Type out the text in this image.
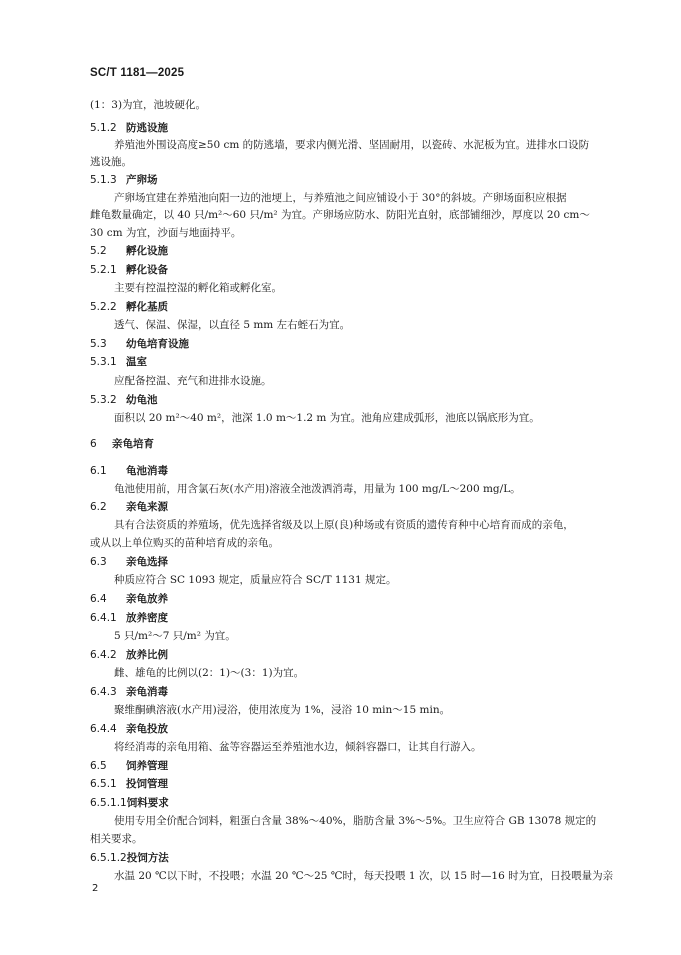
SC/T 1181—2025
(1：3)为宜，池坡硬化。
5.1.2 防逃设施
养殖池外围设高度≥50 cm 的防逃墙，要求内侧光滑、坚固耐用，以瓷砖、水泥板为宜。进排水口设防
逃设施。
5.1.3 产卵场
产卵场宜建在养殖池向阳一边的池埂上，与养殖池之间应铺设小于 30°的斜坡。产卵场面积应根据
雌龟数量确定，以 40 只/m²～60 只/m² 为宜。产卵场应防水、防阳光直射，底部铺细沙，厚度以 20 cm～
30 cm 为宜，沙面与地面持平。
5.2 孵化设施
5.2.1 孵化设备
主要有控温控湿的孵化箱或孵化室。
5.2.2 孵化基质
透气、保温、保湿，以直径 5 mm 左右蛭石为宜。
5.3 幼龟培育设施
5.3.1 温室
应配备控温、充气和进排水设施。
5.3.2 幼龟池
面积以 20 m²～40 m²，池深 1.0 m～1.2 m 为宜。池角应建成弧形，池底以锅底形为宜。
6 亲龟培育
6.1 龟池消毒
龟池使用前，用含氯石灰(水产用)溶液全池泼洒消毒，用量为 100 mg/L～200 mg/L。
6.2 亲龟来源
具有合法资质的养殖场，优先选择省级及以上原(良)种场或有资质的遗传育种中心培育而成的亲龟，
或从以上单位购买的苗种培育成的亲龟。
6.3 亲龟选择
种质应符合 SC 1093 规定，质量应符合 SC/T 1131 规定。
6.4 亲龟放养
6.4.1 放养密度
5 只/m²～7 只/m² 为宜。
6.4.2 放养比例
雌、雄龟的比例以(2：1)～(3：1)为宜。
6.4.3 亲龟消毒
聚维酮碘溶液(水产用)浸浴，使用浓度为 1%，浸浴 10 min～15 min。
6.4.4 亲龟投放
将经消毒的亲龟用箱、盆等容器运至养殖池水边，倾斜容器口，让其自行游入。
6.5 饲养管理
6.5.1 投饲管理
6.5.1.1饲料要求
使用专用全价配合饲料，粗蛋白含量 38%～40%，脂肪含量 3%～5%。卫生应符合 GB 13078 规定的
相关要求。
6.5.1.2投饲方法
水温 20 ℃以下时，不投喂；水温 20 ℃～25 ℃时，每天投喂 1 次，以 15 时—16 时为宜，日投喂量为亲
2
